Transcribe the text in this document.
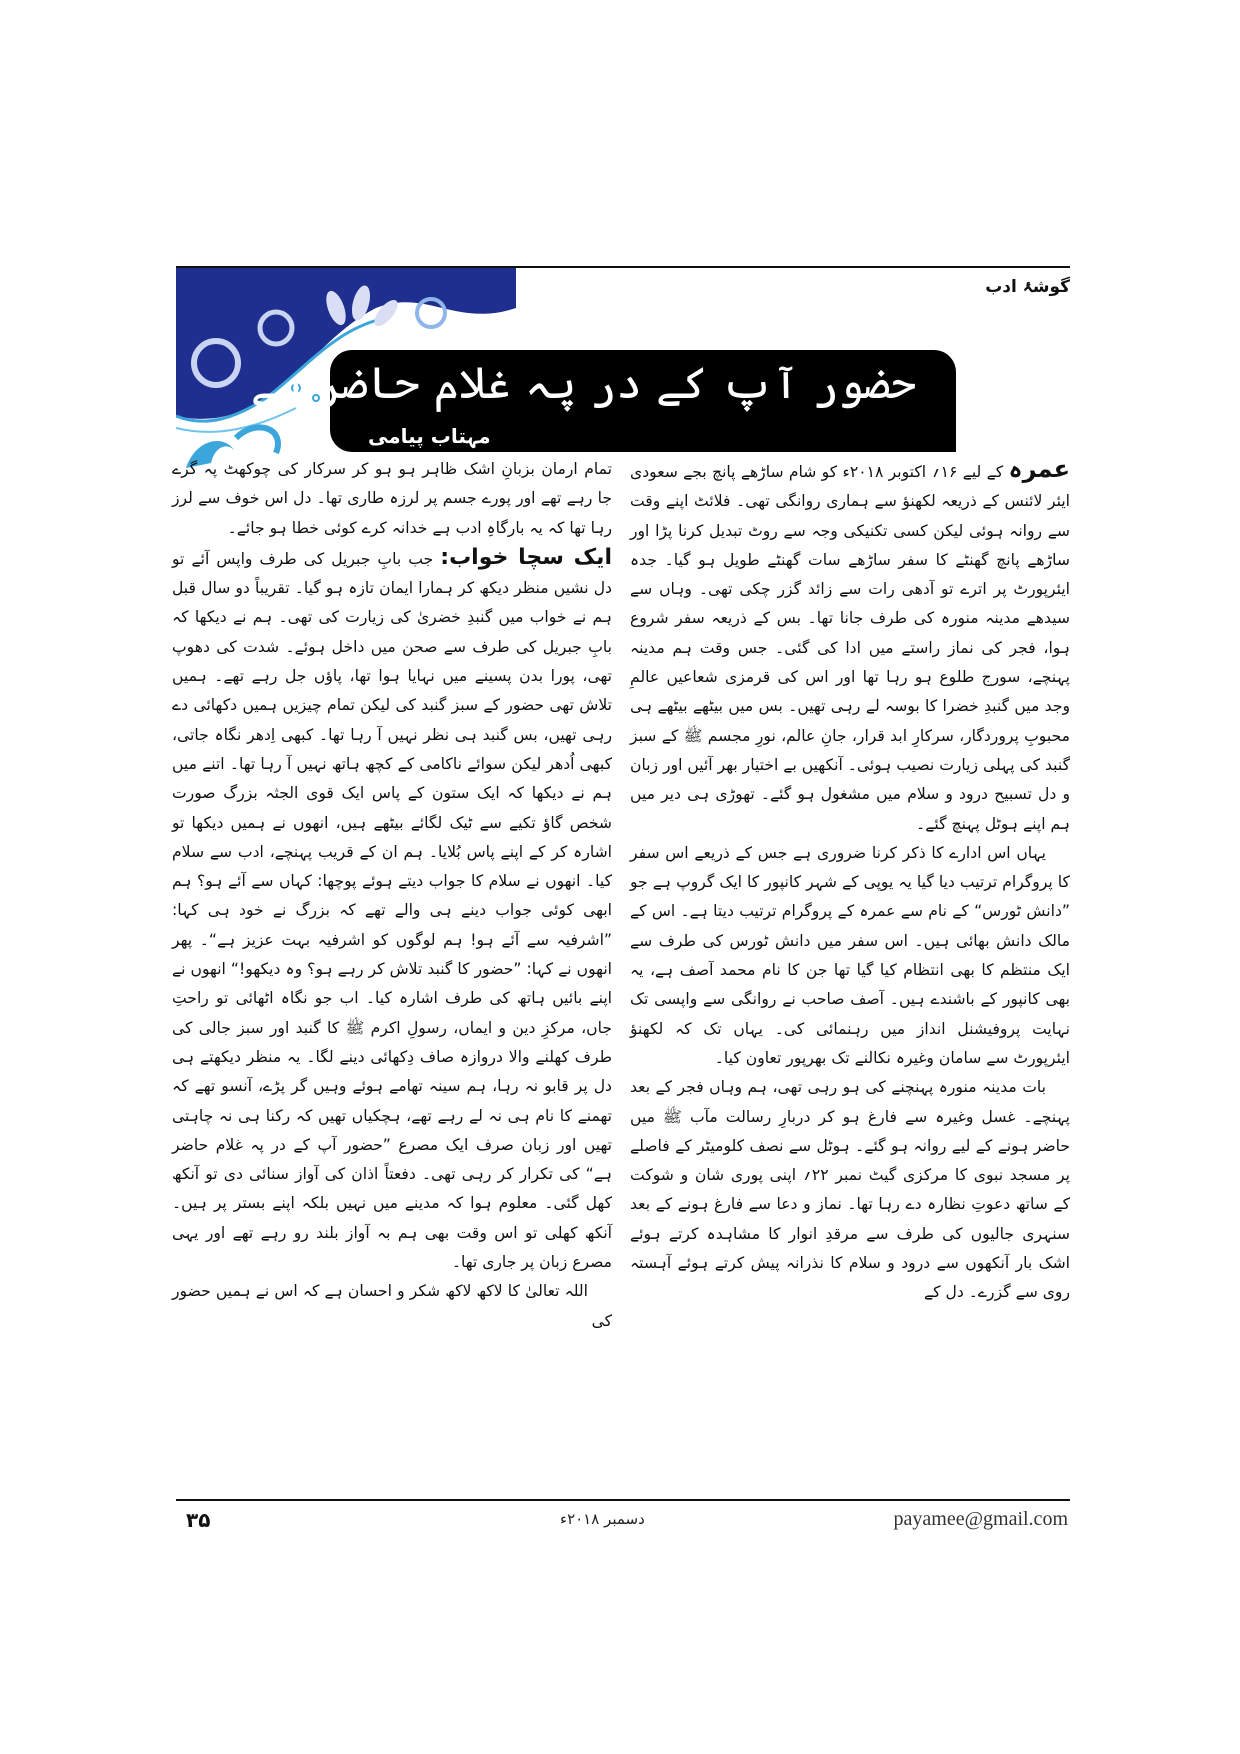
گوشۂ ادب
حضور آپ کے در پہ غلام حاضر ہے
مہتاب پیامی

عمرہ کے لیے ۱۶؍ اکتوبر ۲۰۱۸ء کو شام ساڑھے پانچ بجے سعودی ایئر لائنس کے ذریعہ لکھنؤ سے ہماری روانگی تھی۔ فلائٹ اپنے وقت سے روانہ ہوئی لیکن کسی تکنیکی وجہ سے روٹ تبدیل کرنا پڑا اور ساڑھے پانچ گھنٹے کا سفر ساڑھے سات گھنٹے طویل ہو گیا۔ جدہ ایئرپورٹ پر اترے تو آدھی رات سے زائد گزر چکی تھی۔ وہاں سے سیدھے مدینہ منورہ کی طرف جانا تھا۔ بس کے ذریعہ سفر شروع ہوا، فجر کی نماز راستے میں ادا کی گئی۔ جس وقت ہم مدینہ پہنچے، سورج طلوع ہو رہا تھا اور اس کی قرمزی شعاعیں عالمِ وجد میں گنبدِ خضرا کا بوسہ لے رہی تھیں۔ بس میں بیٹھے بیٹھے ہی محبوبِ پروردگار، سرکارِ ابد قرار، جانِ عالم، نورِ مجسم ﷺ کے سبز گنبد کی پہلی زیارت نصیب ہوئی۔ آنکھیں بے اختیار بھر آئیں اور زبان و دل تسبیح درود و سلام میں مشغول ہو گئے۔ تھوڑی ہی دیر میں ہم اپنے ہوٹل پہنچ گئے۔

یہاں اس ادارے کا ذکر کرنا ضروری ہے جس کے ذریعے اس سفر کا پروگرام ترتیب دیا گیا یہ یوپی کے شہر کانپور کا ایک گروپ ہے جو ”دانش ٹورس“ کے نام سے عمرہ کے پروگرام ترتیب دیتا ہے۔ اس کے مالک دانش بھائی ہیں۔ اس سفر میں دانش ٹورس کی طرف سے ایک منتظم کا بھی انتظام کیا گیا تھا جن کا نام محمد آصف ہے، یہ بھی کانپور کے باشندے ہیں۔ آصف صاحب نے روانگی سے واپسی تک نہایت پروفیشنل انداز میں رہنمائی کی۔ یہاں تک کہ لکھنؤ ایئرپورٹ سے سامان وغیرہ نکالنے تک بھرپور تعاون کیا۔

بات مدینہ منورہ پہنچنے کی ہو رہی تھی، ہم وہاں فجر کے بعد پہنچے۔ غسل وغیرہ سے فارغ ہو کر دربارِ رسالت مآب ﷺ میں حاضر ہونے کے لیے روانہ ہو گئے۔ ہوٹل سے نصف کلومیٹر کے فاصلے پر مسجد نبوی کا مرکزی گیٹ نمبر ۲۲؍ اپنی پوری شان و شوکت کے ساتھ دعوتِ نظارہ دے رہا تھا۔ نماز و دعا سے فارغ ہونے کے بعد سنہری جالیوں کی طرف سے مرقدِ انوار کا مشاہدہ کرتے ہوئے اشک بار آنکھوں سے درود و سلام کا نذرانہ پیش کرتے ہوئے آہستہ روی سے گزرے۔ دل کے

تمام ارمان بزبانِ اشک ظاہر ہو ہو کر سرکار کی چوکھٹ پہ گرے جا رہے تھے اور پورے جسم پر لرزہ طاری تھا۔ دل اس خوف سے لرز رہا تھا کہ یہ بارگاہِ ادب ہے خدانہ کرے کوئی خطا ہو جائے۔

ایک سچا خواب: جب بابِ جبریل کی طرف واپس آئے تو دل نشیں منظر دیکھ کر ہمارا ایمان تازہ ہو گیا۔ تقریباً دو سال قبل ہم نے خواب میں گنبدِ خضریٰ کی زیارت کی تھی۔ ہم نے دیکھا کہ بابِ جبریل کی طرف سے صحن میں داخل ہوئے۔ شدت کی دھوپ تھی، پورا بدن پسینے میں نہایا ہوا تھا، پاؤں جل رہے تھے۔ ہمیں تلاش تھی حضور کے سبز گنبد کی لیکن تمام چیزیں ہمیں دکھائی دے رہی تھیں، بس گنبد ہی نظر نہیں آ رہا تھا۔ کبھی اِدھر نگاہ جاتی، کبھی اُدھر لیکن سوائے ناکامی کے کچھ ہاتھ نہیں آ رہا تھا۔ اتنے میں ہم نے دیکھا کہ ایک ستون کے پاس ایک قوی الجثہ بزرگ صورت شخص گاؤ تکیے سے ٹیک لگائے بیٹھے ہیں، انھوں نے ہمیں دیکھا تو اشارہ کر کے اپنے پاس بُلایا۔ ہم ان کے قریب پہنچے، ادب سے سلام کیا۔ انھوں نے سلام کا جواب دیتے ہوئے پوچھا: کہاں سے آئے ہو؟ ہم ابھی کوئی جواب دینے ہی والے تھے کہ بزرگ نے خود ہی کہا: ”اشرفیہ سے آئے ہو! ہم لوگوں کو اشرفیہ بہت عزیز ہے“۔ پھر انھوں نے کہا: ”حضور کا گنبد تلاش کر رہے ہو؟ وہ دیکھو!“ انھوں نے اپنے بائیں ہاتھ کی طرف اشارہ کیا۔ اب جو نگاہ اٹھائی تو راحتِ جاں، مرکزِ دین و ایماں، رسولِ اکرم ﷺ کا گنبد اور سبز جالی کی طرف کھلنے والا دروازہ صاف دِکھائی دینے لگا۔ یہ منظر دیکھتے ہی دل پر قابو نہ رہا، ہم سینہ تھامے ہوئے وہیں گر پڑے، آنسو تھے کہ تھمنے کا نام ہی نہ لے رہے تھے، ہچکیاں تھیں کہ رکنا ہی نہ چاہتی تھیں اور زبان صرف ایک مصرع ”حضور آپ کے در پہ غلام حاضر ہے“ کی تکرار کر رہی تھی۔ دفعتاً اذان کی آواز سنائی دی تو آنکھ کھل گئی۔ معلوم ہوا کہ مدینے میں نہیں بلکہ اپنے بستر پر ہیں۔ آنکھ کھلی تو اس وقت بھی ہم بہ آواز بلند رو رہے تھے اور یہی مصرع زبان پر جاری تھا۔

اللہ تعالیٰ کا لاکھ لاکھ شکر و احسان ہے کہ اس نے ہمیں حضور کی

payamee@gmail.com
دسمبر ۲۰۱۸ء
۳۵
